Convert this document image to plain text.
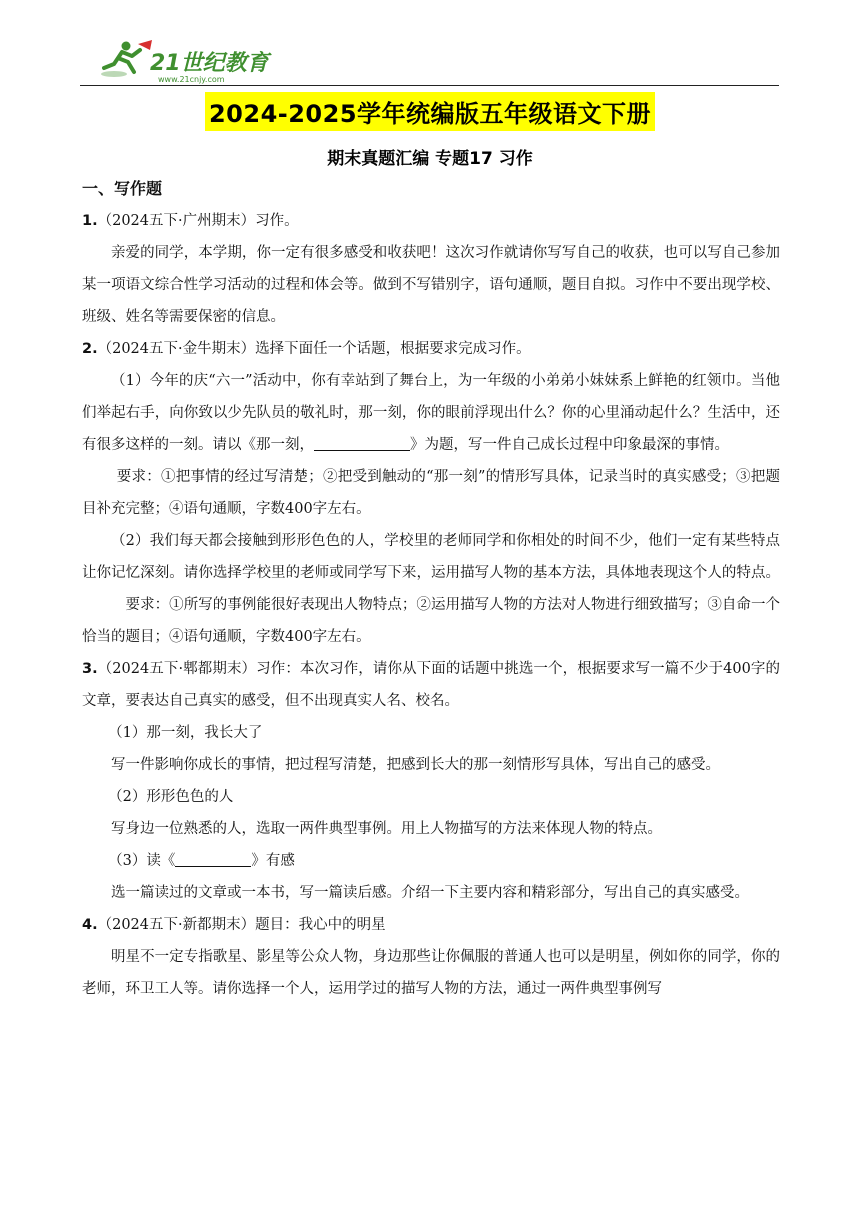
21世纪教育
www.21cnjy.com
2024-2025学年统编版五年级语文下册
期末真题汇编 专题17 习作
一、写作题
1.（2024五下·广州期末）习作。

亲爱的同学，本学期，你一定有很多感受和收获吧！这次习作就请你写写自己的收获，也可以写自己参加某一项语文综合性学习活动的过程和体会等。做到不写错别字，语句通顺，题目自拟。习作中不要出现学校、班级、姓名等需要保密的信息。

2.（2024五下·金牛期末）选择下面任一个话题，根据要求完成习作。

（1）今年的庆“六一”活动中，你有幸站到了舞台上，为一年级的小弟弟小妹妹系上鲜艳的红领巾。当他们举起右手，向你致以少先队员的敬礼时，那一刻，你的眼前浮现出什么？你的心里涌动起什么？生活中，还有很多这样的一刻。请以《那一刻，	》为题，写一件自己成长过程中印象最深的事情。

要求：①把事情的经过写清楚；②把受到触动的“那一刻”的情形写具体，记录当时的真实感受；③把题目补充完整；④语句通顺，字数400字左右。

（2）我们每天都会接触到形形色色的人，学校里的老师同学和你相处的时间不少，他们一定有某些特点让你记忆深刻。请你选择学校里的老师或同学写下来，运用描写人物的基本方法，具体地表现这个人的特点。要求：①所写的事例能很好表现出人物特点；②运用描写人物的方法对人物进行细致描写；③自命一个恰当的题目；④语句通顺，字数400字左右。

3.（2024五下·郫都期末）习作：本次习作，请你从下面的话题中挑选一个，根据要求写一篇不少于400字的文章，要表达自己真实的感受，但不出现真实人名、校名。

（1）那一刻，我长大了

写一件影响你成长的事情，把过程写清楚，把感到长大的那一刻情形写具体，写出自己的感受。

（2）形形色色的人

写身边一位熟悉的人，选取一两件典型事例。用上人物描写的方法来体现人物的特点。

（3）读《	》有感

选一篇读过的文章或一本书，写一篇读后感。介绍一下主要内容和精彩部分，写出自己的真实感受。

4.（2024五下·新都期末）题目：我心中的明星

明星不一定专指歌星、影星等公众人物，身边那些让你佩服的普通人也可以是明星，例如你的同学，你的老师，环卫工人等。请你选择一个人，运用学过的描写人物的方法，通过一两件典型事例写
